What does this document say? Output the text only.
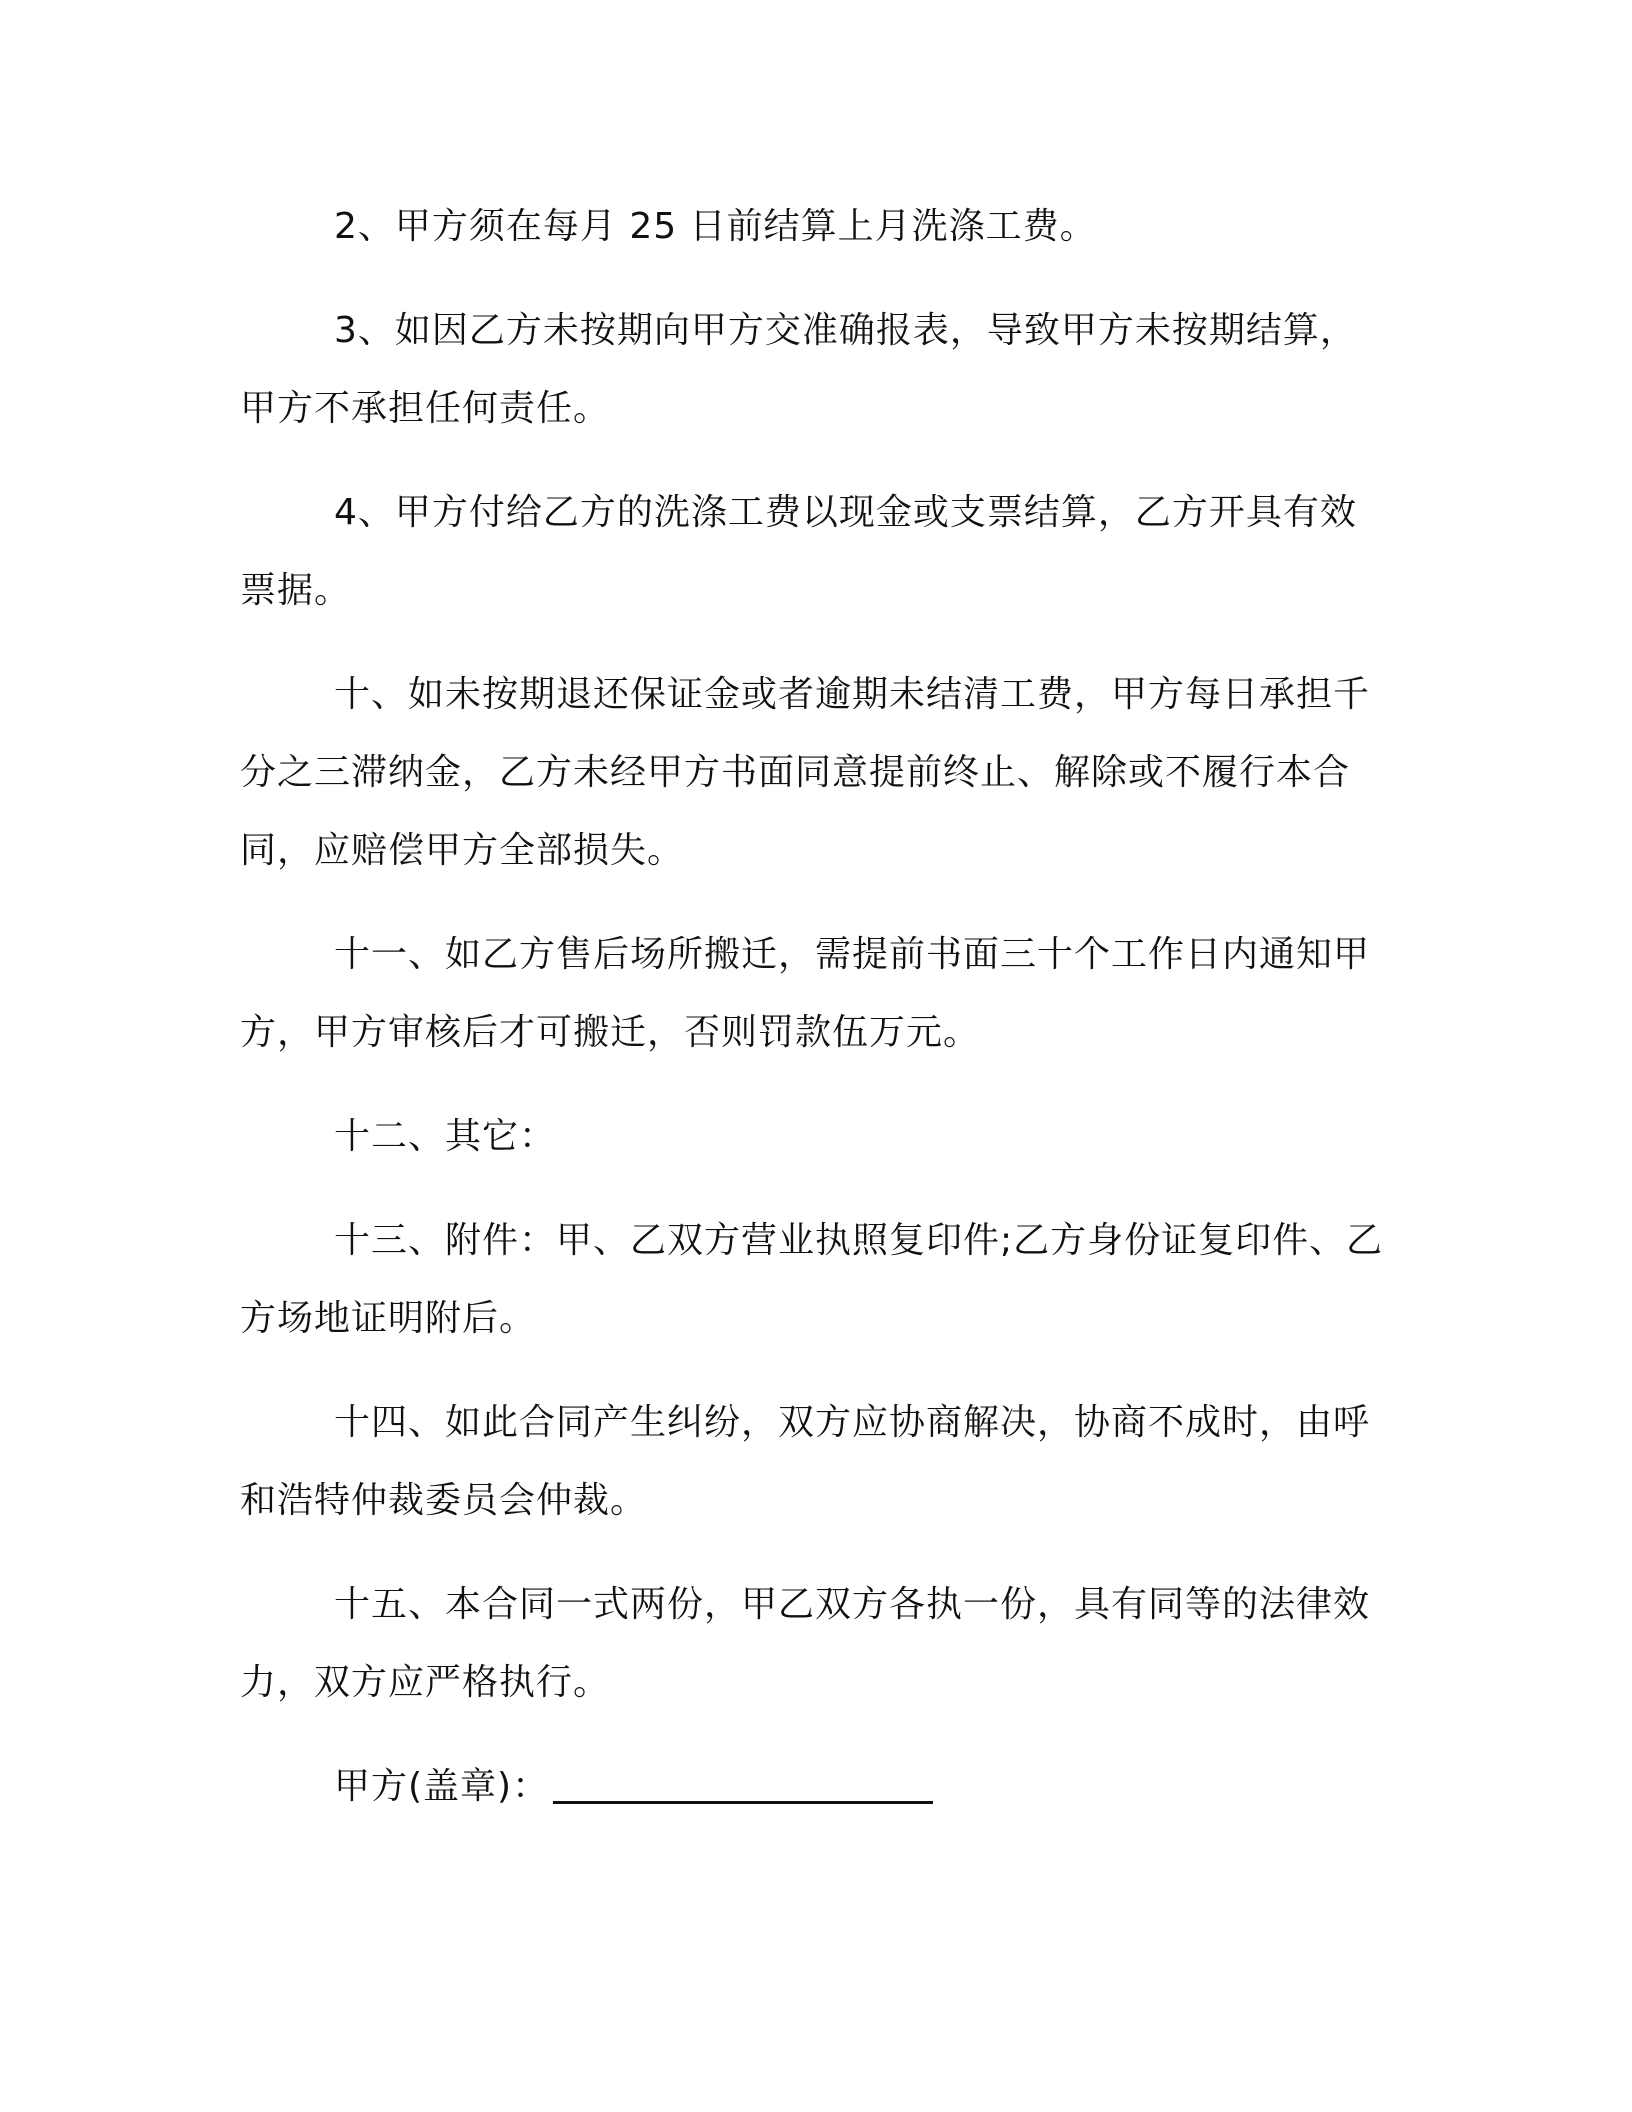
2、甲方须在每月 25 日前结算上月洗涤工费。

3、如因乙方未按期向甲方交准确报表，导致甲方未按期结算，甲方不承担任何责任。

4、甲方付给乙方的洗涤工费以现金或支票结算，乙方开具有效票据。

十、如未按期退还保证金或者逾期未结清工费，甲方每日承担千分之三滞纳金，乙方未经甲方书面同意提前终止、解除或不履行本合同，应赔偿甲方全部损失。

十一、如乙方售后场所搬迁，需提前书面三十个工作日内通知甲方，甲方审核后才可搬迁，否则罚款伍万元。

十二、其它：

十三、附件：甲、乙双方营业执照复印件;乙方身份证复印件、乙方场地证明附后。

十四、如此合同产生纠纷，双方应协商解决，协商不成时，由呼和浩特仲裁委员会仲裁。

十五、本合同一式两份，甲乙双方各执一份，具有同等的法律效力，双方应严格执行。

甲方(盖章)：
